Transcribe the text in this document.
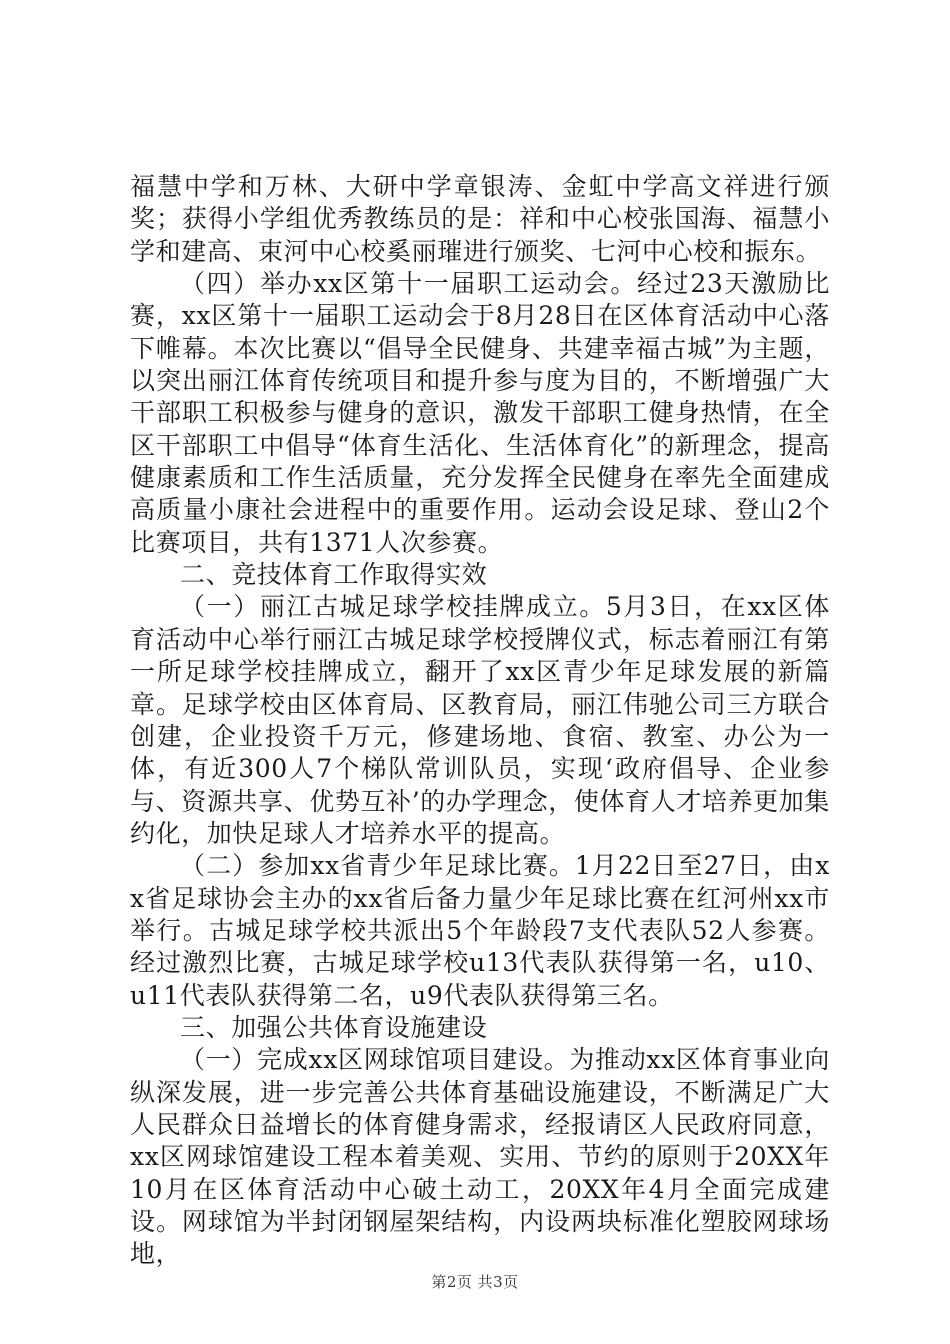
福慧中学和万林、大研中学章银涛、金虹中学高文祥进行颁奖；获得小学组优秀教练员的是：祥和中心校张国海、福慧小学和建高、束河中心校奚丽璀进行颁奖、七河中心校和振东。

（四）举办xx区第十一届职工运动会。经过23天激励比赛，xx区第十一届职工运动会于8月28日在区体育活动中心落下帷幕。本次比赛以“倡导全民健身、共建幸福古城”为主题，以突出丽江体育传统项目和提升参与度为目的，不断增强广大干部职工积极参与健身的意识，激发干部职工健身热情，在全区干部职工中倡导“体育生活化、生活体育化”的新理念，提高健康素质和工作生活质量，充分发挥全民健身在率先全面建成高质量小康社会进程中的重要作用。运动会设足球、登山2个比赛项目，共有1371人次参赛。

二、竞技体育工作取得实效

（一）丽江古城足球学校挂牌成立。5月3日，在xx区体育活动中心举行丽江古城足球学校授牌仪式，标志着丽江有第一所足球学校挂牌成立，翻开了xx区青少年足球发展的新篇章。足球学校由区体育局、区教育局，丽江伟驰公司三方联合创建，企业投资千万元，修建场地、食宿、教室、办公为一体，有近300人7个梯队常训队员，实现‘政府倡导、企业参与、资源共享、优势互补’的办学理念，使体育人才培养更加集约化，加快足球人才培养水平的提高。

（二）参加xx省青少年足球比赛。1月22日至27日，由xx省足球协会主办的xx省后备力量少年足球比赛在红河州xx市举行。古城足球学校共派出5个年龄段7支代表队52人参赛。经过激烈比赛，古城足球学校u13代表队获得第一名，u10、u11代表队获得第二名，u9代表队获得第三名。

三、加强公共体育设施建设

（一）完成xx区网球馆项目建设。为推动xx区体育事业向纵深发展，进一步完善公共体育基础设施建设，不断满足广大人民群众日益增长的体育健身需求，经报请区人民政府同意，xx区网球馆建设工程本着美观、实用、节约的原则于20XX年10月在区体育活动中心破土动工，20XX年4月全面完成建设。网球馆为半封闭钢屋架结构，内设两块标准化塑胶网球场地，

第2页 共3页
